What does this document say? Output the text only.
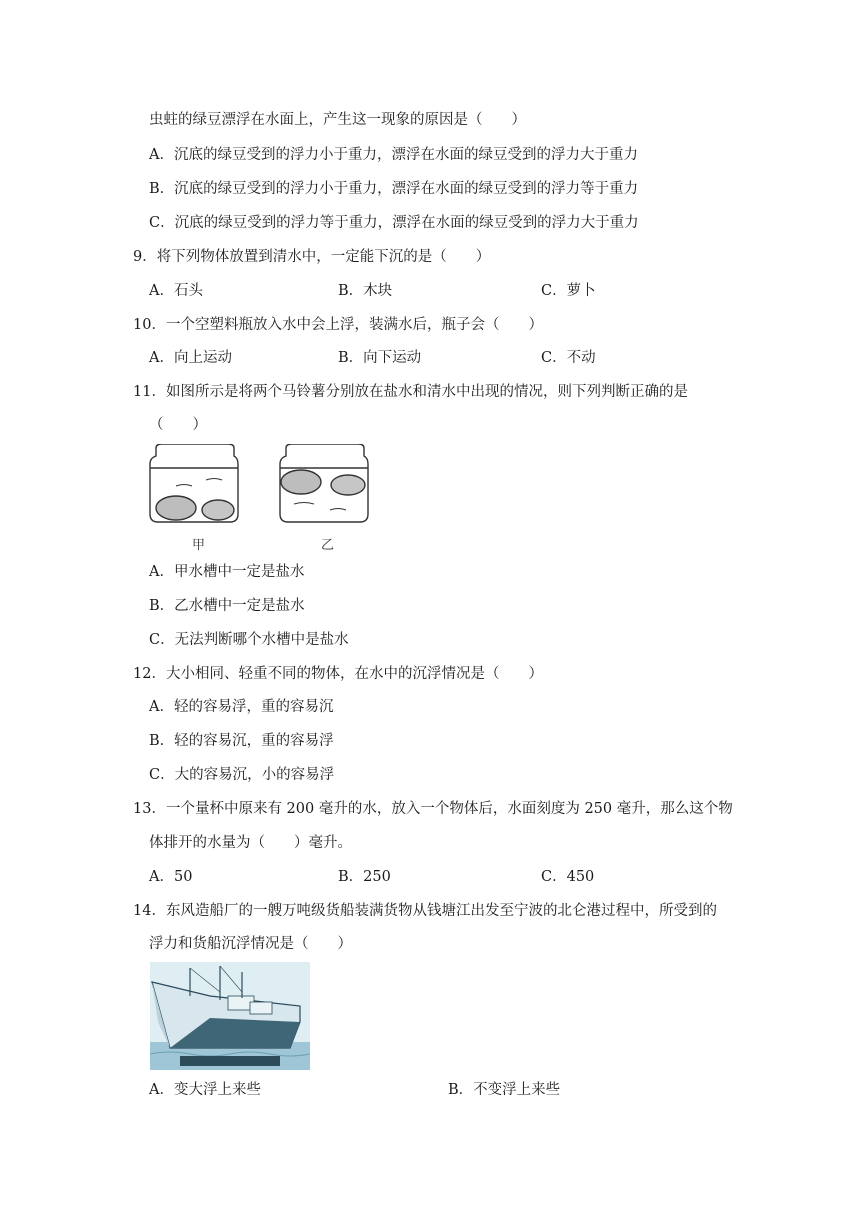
虫蛀的绿豆漂浮在水面上，产生这一现象的原因是（　　）
A．沉底的绿豆受到的浮力小于重力，漂浮在水面的绿豆受到的浮力大于重力
B．沉底的绿豆受到的浮力小于重力，漂浮在水面的绿豆受到的浮力等于重力
C．沉底的绿豆受到的浮力等于重力，漂浮在水面的绿豆受到的浮力大于重力
9．将下列物体放置到清水中，一定能下沉的是（　　）
A．石头	B．木块	C．萝卜
10．一个空塑料瓶放入水中会上浮，装满水后，瓶子会（　　）
A．向上运动	B．向下运动	C．不动
11．如图所示是将两个马铃薯分别放在盐水和清水中出现的情况，则下列判断正确的是
（　　）
甲	乙
A．甲水槽中一定是盐水
B．乙水槽中一定是盐水
C．无法判断哪个水槽中是盐水
12．大小相同、轻重不同的物体，在水中的沉浮情况是（　　）
A．轻的容易浮，重的容易沉
B．轻的容易沉，重的容易浮
C．大的容易沉，小的容易浮
13．一个量杯中原来有 200 毫升的水，放入一个物体后，水面刻度为 250 毫升，那么这个物
体排开的水量为（　　）毫升。
A．50	B．250	C．450
14．东风造船厂的一艘万吨级货船装满货物从钱塘江出发至宁波的北仑港过程中，所受到的
浮力和货船沉浮情况是（　　）
A．变大浮上来些	B．不变浮上来些
